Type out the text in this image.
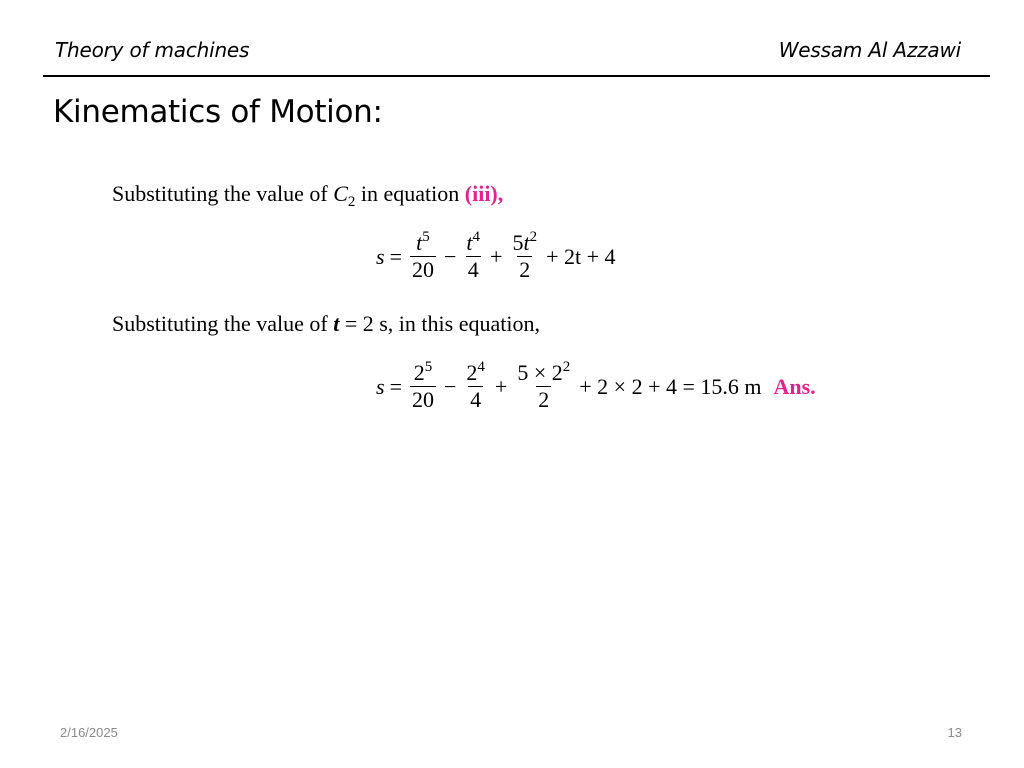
Theory of machines	Wessam Al Azzawi
Kinematics of Motion:
Substituting the value of $C_2$ in equation (iii),
$s = \frac{t^5}{20} - \frac{t^4}{4} + \frac{5t^2}{2} + 2t + 4$
Substituting the value of t = 2 s, in this equation,
$s = \frac{2^5}{20} - \frac{2^4}{4} + \frac{5 \times 2^2}{2} + 2 \times 2 + 4 = 15.6$ m Ans.
2/16/2025	13
